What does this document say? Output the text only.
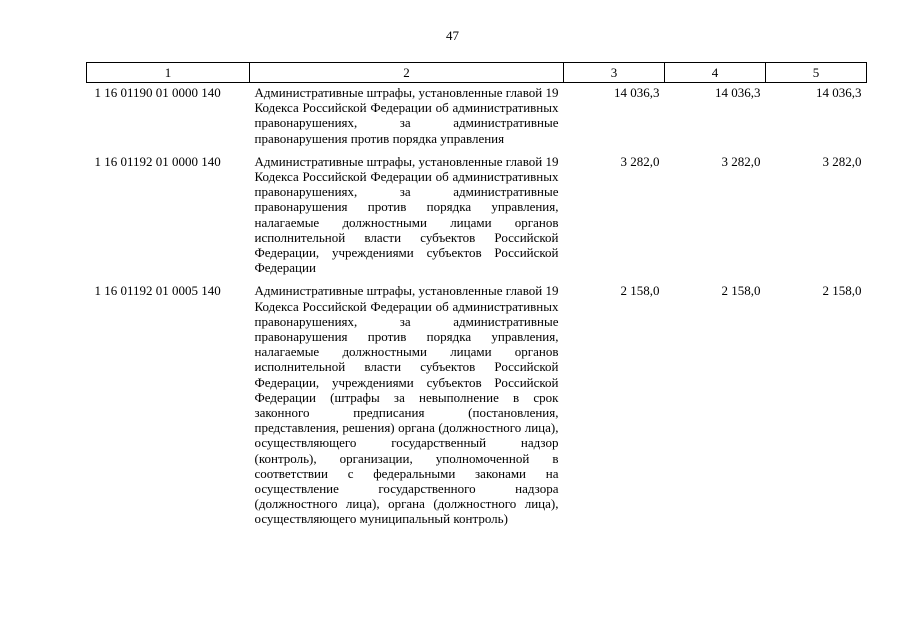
47
1	2	3	4	5
1 16 01190 01 0000 140	Административные штрафы, установленные главой 19 Кодекса Российской Федерации об административных правонарушениях, за административные правонарушения против порядка управления	14 036,3	14 036,3	14 036,3
1 16 01192 01 0000 140	Административные штрафы, установленные главой 19 Кодекса Российской Федерации об административных правонарушениях, за административные правонарушения против порядка управления, налагаемые должностными лицами органов исполнительной власти субъектов Российской Федерации, учреждениями субъектов Российской Федерации	3 282,0	3 282,0	3 282,0
1 16 01192 01 0005 140	Административные штрафы, установленные главой 19 Кодекса Российской Федерации об административных правонарушениях, за административные правонарушения против порядка управления, налагаемые должностными лицами органов исполнительной власти субъектов Российской Федерации, учреждениями субъектов Российской Федерации (штрафы за невыполнение в срок законного предписания (постановления, представления, решения) органа (должностного лица), осуществляющего государственный надзор (контроль), организации, уполномоченной в соответствии с федеральными законами на осуществление государственного надзора (должностного лица), органа (должностного лица), осуществляющего муниципальный контроль)	2 158,0	2 158,0	2 158,0
